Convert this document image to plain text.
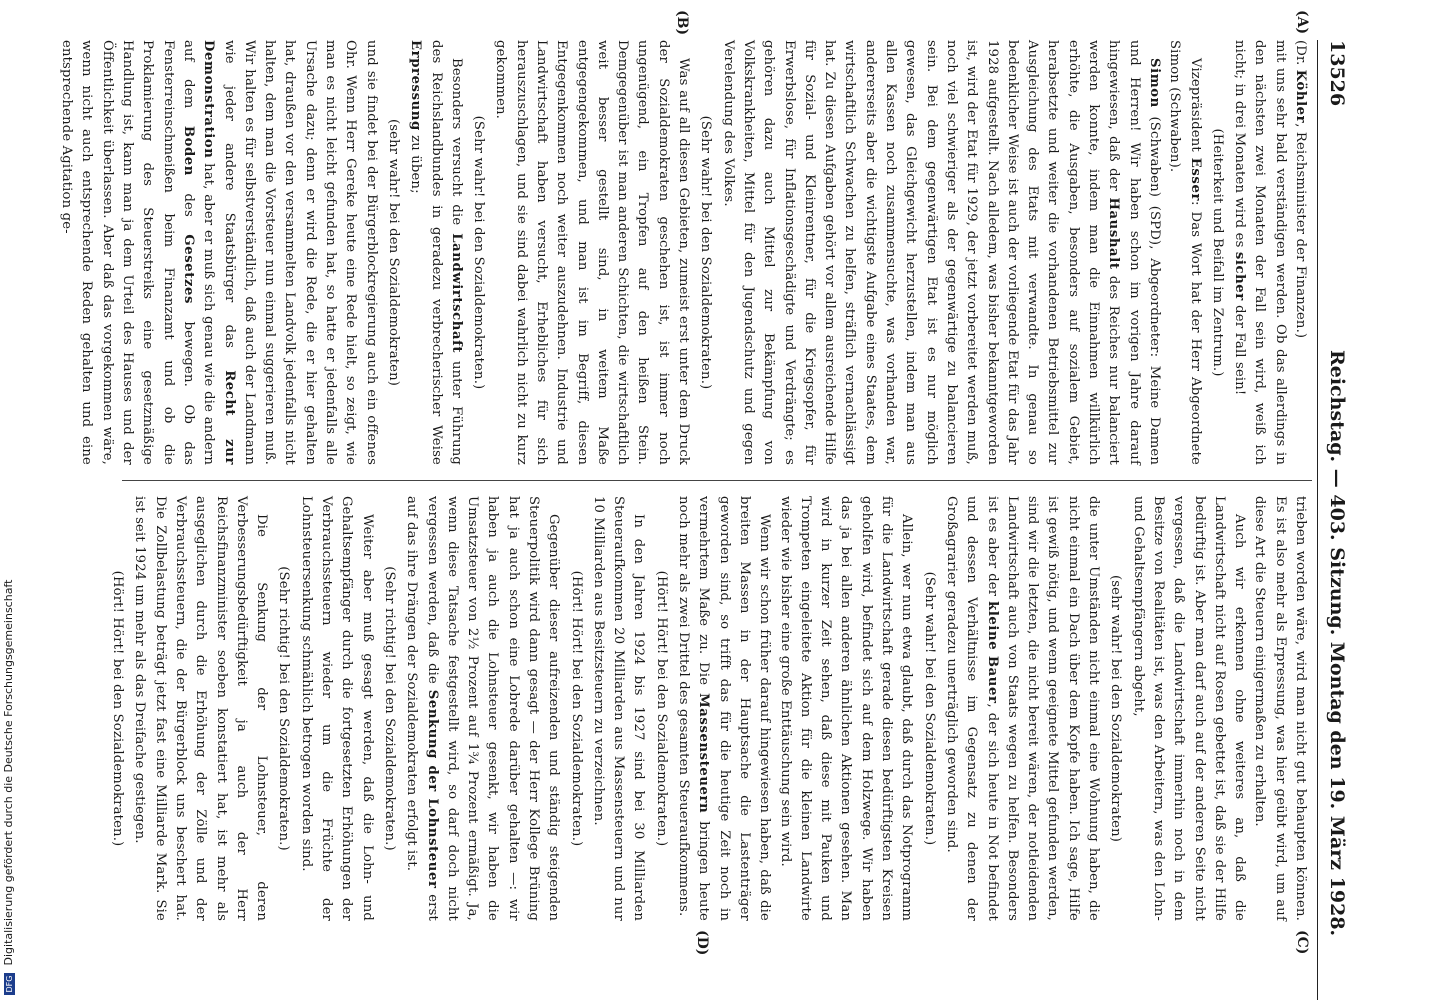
13526
Reichstag. — 403. Sitzung. Montag den 19. März 1928.
(A)
(B)
(C)
(D)

(Dr. Köhler, Reichsminister der Finanzen.)

mit uns sehr bald verständigen werden. Ob das allerdings in den nächsten zwei Monaten der Fall sein wird, weiß ich nicht; in drei Monaten wird es sicher der Fall sein!

(Heiterkeit und Beifall im Zentrum.)

Vizepräsident Esser: Das Wort hat der Herr Abgeordnete Simon (Schwaben).

Simon (Schwaben) (SPD), Abgeordneter: Meine Damen und Herren! Wir haben schon im vorigen Jahre darauf hingewiesen, daß der Haushalt des Reiches nur balanciert werden konnte, indem man die Einnahmen willkürlich erhöhte, die Ausgaben, besonders auf sozialem Gebiet, herabsetzte und weiter die vorhandenen Betriebsmittel zur Ausgleichung des Etats mit verwandte. In genau so bedenklicher Weise ist auch der vorliegende Etat für das Jahr 1928 aufgestellt. Nach alledem, was bisher bekanntgeworden ist, wird der Etat für 1929, der jetzt vorbereitet werden muß, noch viel schwieriger als der gegenwärtige zu balancieren sein. Bei dem gegenwärtigen Etat ist es nur möglich gewesen, das Gleichgewicht herzustellen, indem man aus allen Kassen noch zusammensuchte, was vorhanden war, andererseits aber die wichtigste Aufgabe eines Staates, dem wirtschaftlich Schwachen zu helfen, sträflich vernachlässigt hat. Zu diesen Aufgaben gehört vor allem ausreichende Hilfe für Sozial- und Kleinrentner, für die Kriegsopfer, für Erwerbslose, für Inflationsgeschädigte und Verdrängte; es gehören dazu auch Mittel zur Bekämpfung von Volkskrankheiten, Mittel für den Jugendschutz und gegen Verelendung des Volkes.

(Sehr wahr! bei den Sozialdemokraten.)

Was auf all diesen Gebieten, zumeist erst unter dem Druck der Sozialdemokraten geschehen ist, ist immer noch ungenügend, ein Tropfen auf den heißen Stein. Demgegenüber ist man anderen Schichten, die wirtschaftlich weit besser gestellt sind, in weitem Maße entgegengekommen, und man ist im Begriff, diesen Entgegenkommen noch weiter auszudehnen. Industrie und Landwirtschaft haben versucht, Erhebliches für sich herauszuschlagen, und sie sind dabei wahrlich nicht zu kurz gekommen.

(Sehr wahr! bei den Sozialdemokraten.)

Besonders versucht die Landwirtschaft unter Führung des Reichslandbundes in geradezu verbrecherischer Weise Erpressung zu üben;

(sehr wahr! bei den Sozialdemokraten)

und sie findet bei der Bürgerblockregierung auch ein offenes Ohr. Wenn Herr Gereke heute eine Rede hielt, so zeigt, wie man es nicht leicht gefunden hat, so hatte er jedenfalls alle Ursache dazu; denn er wird die Rede, die er hier gehalten hat, draußen vor den versammelten Landvolk jedenfalls nicht halten, dem man die Vorsteuer nun einmal suggerieren muß. Wir halten es für selbstverständlich, daß auch der Landmann wie jeder andere Staatsbürger das Recht zur Demonstration hat, aber er muß sich genau wie die andern auf dem Boden des Gesetzes bewegen. Ob das Fensterreinschmeißen beim Finanzamt und ob die Proklamierung des Steuerstreiks eine gesetzmäßige Handlung ist, kann man ja dem Urteil des Hauses und der Öffentlichkeit überlassen. Aber daß das vorgekommen wäre, wenn nicht auch entsprechende Reden gehalten und eine entsprechende Agitation ge-

trieben worden wäre, wird man nicht gut behaupten können. Es ist also mehr als Erpressung, was hier geübt wird, um auf diese Art die Steuern einigermaßen zu erhalten.

Auch wir erkennen ohne weiteres an, daß die Landwirtschaft nicht auf Rosen gebettet ist, daß sie der Hilfe bedürftig ist. Aber man darf auch auf der anderen Seite nicht vergessen, daß die Landwirtschaft immerhin noch in dem Besitze von Realitäten ist, was den Arbeitern, was den Lohn- und Gehaltsempfängern abgeht,

(sehr wahr! bei den Sozialdemokraten)

die unter Umständen nicht einmal eine Wohnung haben, die nicht einmal ein Dach über dem Kopfe haben. Ich sage, Hilfe ist gewiß nötig, und wenn geeignete Mittel gefunden werden, sind wir die letzten, die nicht bereit wären, der notleidenden Landwirtschaft auch von Staats wegen zu helfen. Besonders ist es aber der kleine Bauer, der sich heute in Not befindet und dessen Verhältnisse im Gegensatz zu denen der Großagrarier geradezu unerträglich geworden sind.

(Sehr wahr! bei den Sozialdemokraten.)

Allein, wer nun etwa glaubt, daß durch das Notprogramm für die Landwirtschaft gerade diesen bedürftigsten Kreisen geholfen wird, befindet sich auf dem Holzwege. Wir haben das ja bei allen anderen ähnlichen Aktionen gesehen. Man wird in kurzer Zeit sehen, daß diese mit Pauken und Trompeten eingeleitete Aktion für die kleinen Landwirte wieder wie bisher eine große Enttäuschung sein wird.

Wenn wir schon früher darauf hingewiesen haben, daß die breiten Massen in der Hauptsache die Lastenträger geworden sind, so trifft das für die heutige Zeit noch in vermehrtem Maße zu. Die Massensteuern bringen heute noch mehr als zwei Drittel des gesamten Steueraufkommens.

(Hört! Hört! bei den Sozialdemokraten.)

In den Jahren 1924 bis 1927 sind bei 30 Milliarden Steueraufkommen 20 Milliarden aus Massensteuern und nur 10 Milliarden aus Besitzsteuern zu verzeichnen.

(Hört! Hört! bei den Sozialdemokraten.)

Gegenüber dieser aufreizenden und ständig steigenden Steuerpolitik wird dann gesagt — der Herr Kollege Brüning hat ja auch schon eine Lobrede darüber gehalten —: wir haben ja auch die Lohnsteuer gesenkt, wir haben die Umsatzsteuer von 2½ Prozent auf 1¾ Prozent ermäßigt. Ja, wenn diese Tatsache festgestellt wird, so darf doch nicht vergessen werden, daß die Senkung der Lohnsteuer erst auf das ihre Drängen der Sozialdemokraten erfolgt ist.

(Sehr richtig! bei den Sozialdemokraten.)

Weiter aber muß gesagt werden, daß die Lohn- und Gehaltsempfänger durch die fortgesetzten Erhöhungen der Verbrauchssteuern wieder um die Früchte der Lohnsteuersenkung schmählich betrogen worden sind.

(Sehr richtig! bei den Sozialdemokraten.)

Die Senkung der Lohnsteuer, deren Verbesserungsbedürftigkeit ja auch der Herr Reichsfinanzminister soeben konstatiert hat, ist mehr als ausgeglichen durch die Erhöhung der Zölle und der Verbrauchssteuern, die der Bürgerblock uns beschert hat. Die Zollbelastung beträgt jetzt fast eine Milliarde Mark. Sie ist seit 1924 um mehr als das Dreifache gestiegen.

(Hört! Hört! bei den Sozialdemokraten.)

DFG Digitalisierung gefördert durch die Deutsche Forschungsgemeinschaft
